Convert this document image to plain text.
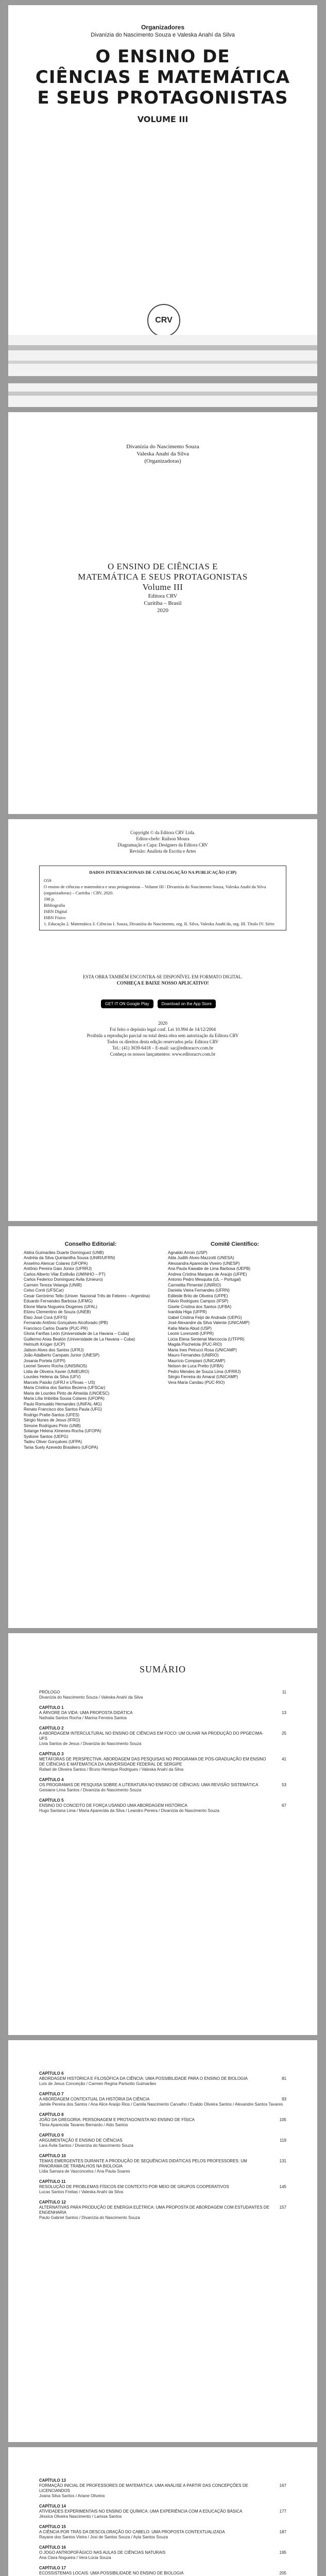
Organizadores
Divanízia do Nascimento Souza e Valeska Anahí da Silva
O ENSINO DE
CIÊNCIAS E MATEMÁTICA
E SEUS PROTAGONISTAS
VOLUME III
CRV
Divanízia do Nascimento Souza
Valeska Anahí da Silva
(Organizadoras)
O ENSINO DE CIÊNCIAS E
MATEMÁTICA E SEUS PROTAGONISTAS
Volume III
Editora CRV
Curitiba – Brasil
2020
Copyright © da Editora CRV Ltda.
Editor-chefe: Railson Moura
Diagramação e Capa: Designers da Editora CRV
Revisão: Analista de Escrita e Artes
DADOS INTERNACIONAIS DE CATALOGAÇÃO NA PUBLICAÇÃO (CIP)
O59
O ensino de ciências e matemática e seus protagonistas – Volume III / Divanízia do Nascimento Souza, Valeska Anahí da Silva (organizadoras) – Curitiba : CRV, 2020.
198 p.
Bibliografia
ISBN Digital
ISBN Físico
1. Educação 2. Matemática 3. Ciências I. Souza, Divanízia do Nascimento, org. II. Silva, Valeska Anahí da, org. III. Título IV. Série
ESTA OBRA TAMBÉM ENCONTRA-SE DISPONÍVEL EM FORMATO DIGITAL.
CONHEÇA E BAIXE NOSSO APLICATIVO!
GET IT ON Google Play	Download on the App Store
2020
Foi feito o depósito legal conf. Lei 10.994 de 14/12/2004
Proibida a reprodução parcial ou total desta obra sem autorização da Editora CRV
Todos os direitos desta edição reservados pela: Editora CRV
Tel.: (41) 3039-6418 – E-mail: sac@editoracrv.com.br
Conheça os nossos lançamentos: www.editoracrv.com.br
Conselho Editorial:
Aldira Guimarães Duarte Domínguez (UNB)
Andréia da Silva Quintanilha Sousa (UNIR/UFRN)
Anselmo Alencar Colares (UFOPA)
Antônio Pereira Gaio Júnior (UFRRJ)
Carlos Alberto Vilar Estêvão (UMINHO – PT)
Carlos Federico Dominguez Avila (Unieuro)
Carmen Tereza Velanga (UNIR)
Celso Conti (UFSCar)
Cesar Gerónimo Tello (Univer. Nacional Três de Febrero – Argentina)
Eduardo Fernandes Barbosa (UFMG)
Elione Maria Nogueira Diogenes (UFAL)
Elizeu Clementino de Souza (UNEB)
Élsio José Corá (UFFS)
Fernando Antônio Gonçalves Alcoforado (IPB)
Francisco Carlos Duarte (PUC-PR)
Gloria Fariñas León (Universidade de La Havana – Cuba)
Guillermo Arias Beatón (Universidade de La Havana – Cuba)
Helmuth Krüger (UCP)
Jailson Alves dos Santos (UFRJ)
João Adalberto Campato Junior (UNESP)
Josania Portela (UFPI)
Leonel Severo Rocha (UNISINOS)
Lídia de Oliveira Xavier (UNIEURO)
Lourdes Helena da Silva (UFV)
Marcelo Paixão (UFRJ e UTexas – US)
Maria Cristina dos Santos Bezerra (UFSCar)
Maria de Lourdes Pinto de Almeida (UNOESC)
Maria Lília Imbiriba Sousa Colares (UFOPA)
Paulo Romualdo Hernandes (UNIFAL-MG)
Renato Francisco dos Santos Paula (UFG)
Rodrigo Pratte-Santos (UFES)
Sérgio Nunes de Jesus (IFRO)
Simone Rodrigues Pinto (UNB)
Solange Helena Ximenes-Rocha (UFOPA)
Sydione Santos (UEPG)
Tadeu Oliver Gonçalves (UFPA)
Tania Suely Azevedo Brasileiro (UFOPA)
Comitê Científico:
Agnaldo Arroio (USP)
Alda Judith Alves-Mazzotti (UNESA)
Alessandra Aparecida Viveiro (UNESP)
Ana Paula Kawabe de Lima Barbosa (UEPB)
Andrea Cristina Marques de Araújo (UFPE)
Antonio Pedro Mesquita (UL – Portugal)
Carmelita Pimentel (UNIRIO)
Daniela Vieira Fernandes (UFRN)
Edileide Brito de Oliveira (UFPE)
Flávio Rodrigues Campos (IFSP)
Gisele Cristina dos Santos (UFBA)
Ivanilda Higa (UFPR)
Izabel Cristina Feijó de Andrade (UEPG)
José Alexandre da Silva Valente (UNICAMP)
Katia Maria Abud (USP)
Leonir Lorenzetti (UFPR)
Lúcia Elena Sentenal Marcoccia (UTFPR)
Magda Pischetola (PUC-RIO)
Maria Ines Petrucci Rosa (UNICAMP)
Mauro Fernandes (UNIRIO)
Maurício Compiani (UNICAMP)
Nelson de Luca Pretto (UFBA)
Pedro Mendes de Souza Lima (UFRRJ)
Sérgio Ferreira do Amaral (UNICAMP)
Vera Maria Candau (PUC-RIO)
SUMÁRIO
PRÓLOGO	11
Divanízia do Nascimento Souza / Valeska Anahí da Silva
CAPÍTULO 1
A ÁRVORE DA VIDA: UMA PROPOSTA DIDÁTICA	13
Nathalia Santos Rocha / Marina Ferreira Santos
CAPÍTULO 2
A ABORDAGEM INTERCULTURAL NO ENSINO DE CIÊNCIAS EM FOCO: UM OLHAR NA PRODUÇÃO DO PPGECIMA-UFS
25
Lívia Santos de Jesus / Divanízia do Nascimento Souza
CAPÍTULO 3
METÁFORAS DE PERSPECTIVA: ABORDAGEM DAS PESQUISAS NO PROGRAMA DE PÓS-GRADUAÇÃO EM ENSINO DE CIÊNCIAS E MATEMÁTICA DA UNIVERSIDADE FEDERAL DE SERGIPE
41
Rafael de Oliveira Santos / Bruno Henrique Rodrigues / Valeska Anahí da Silva
CAPÍTULO 4
OS PROGRAMAS DE PESQUISA SOBRE A LITERATURA NO ENSINO DE CIÊNCIAS: UMA REVISÃO SISTEMÁTICA	53
Geisiane Lima Santos / Divanízia do Nascimento Souza
CAPÍTULO 5
ENSINO DO CONCEITO DE FORÇA USANDO UMA ABORDAGEM HISTÓRICA	67
Hugo Santana Lima / Maria Aparecida da Silva / Leandro Pereira / Divanízia do Nascimento Souza
CAPÍTULO 6
ABORDAGEM HISTÓRICA E FILOSÓFICA DA CIÊNCIA: UMA POSSIBILIDADE PARA O ENSINO DE BIOLOGIA	81
Luís de Jesus Conceição / Carmen Regina Parisotto Guimarães
CAPÍTULO 7
A ABORDAGEM CONTEXTUAL DA HISTÓRIA DA CIÊNCIA	93
Jamile Pereira dos Santos / Ana Alice Araújo Rios / Camila Nascimento Carvalho / Evaldo Oliveira Santos / Alexandre Santos Tavares
CAPÍTULO 8
JOÃO DA GREGORIA: PERSONAGEM E PROTAGONISTA NO ENSINO DE FÍSICA	105
Tânia Aparecida Tavares Bernardo / Aldo Santos
CAPÍTULO 9
ARGUMENTAÇÃO E ENSINO DE CIÊNCIAS	119
Lara Ávila Santos / Divanízia do Nascimento Souza
CAPÍTULO 10
TEMAS EMERGENTES DURANTE A PRODUÇÃO DE SEQUÊNCIAS DIDÁTICAS PELOS PROFESSORES: UM PANORAMA DE TRABALHOS NA BIOLOGIA
131
Lídia Samara de Vasconcelos / Ana Paula Soares
CAPÍTULO 11
RESOLUÇÃO DE PROBLEMAS FÍSICOS EM CONTEXTO POR MEIO DE GRUPOS COOPERATIVOS	145
Lucas Santos Freitas / Valeska Anahí da Silva
CAPÍTULO 12
ALTERNATIVAS PARA PRODUÇÃO DE ENERGIA ELÉTRICA: UMA PROPOSTA DE ABORDAGEM COM ESTUDANTES DE ENGENHARIA
157
Paulo Gabriel Santos / Divanízia do Nascimento Souza
CAPÍTULO 13
FORMAÇÃO INICIAL DE PROFESSORES DE MATEMÁTICA: UMA ANÁLISE A PARTIR DAS CONCEPÇÕES DE LICENCIANDOS
167
Joana Silva Santos / Ariane Oliveira
CAPÍTULO 14
ATIVIDADES EXPERIMENTAIS NO ENSINO DE QUÍMICA: UMA EXPERIÊNCIA COM A EDUCAÇÃO BÁSICA	177
Jéssica Oliveira Nascimento / Larissa Santos
CAPÍTULO 15
A CIÊNCIA POR TRÁS DA DESCOLORAÇÃO DO CABELO: UMA PROPOSTA CONTEXTUALIZADA	187
Rayane dos Santos Vieira / Josi de Santos Souza / Ayla Santos Souza
CAPÍTULO 16
O JOGO ANTROPOFÁGICO NAS AULAS DE CIÊNCIAS NATURAIS	195
Ana Clara Nogueira / Vera Lúcia Souza
CAPÍTULO 17
ECOSSISTEMAS LOCAIS: UMA POSSIBILIDADE NO ENSINO DE BIOLOGIA	205
